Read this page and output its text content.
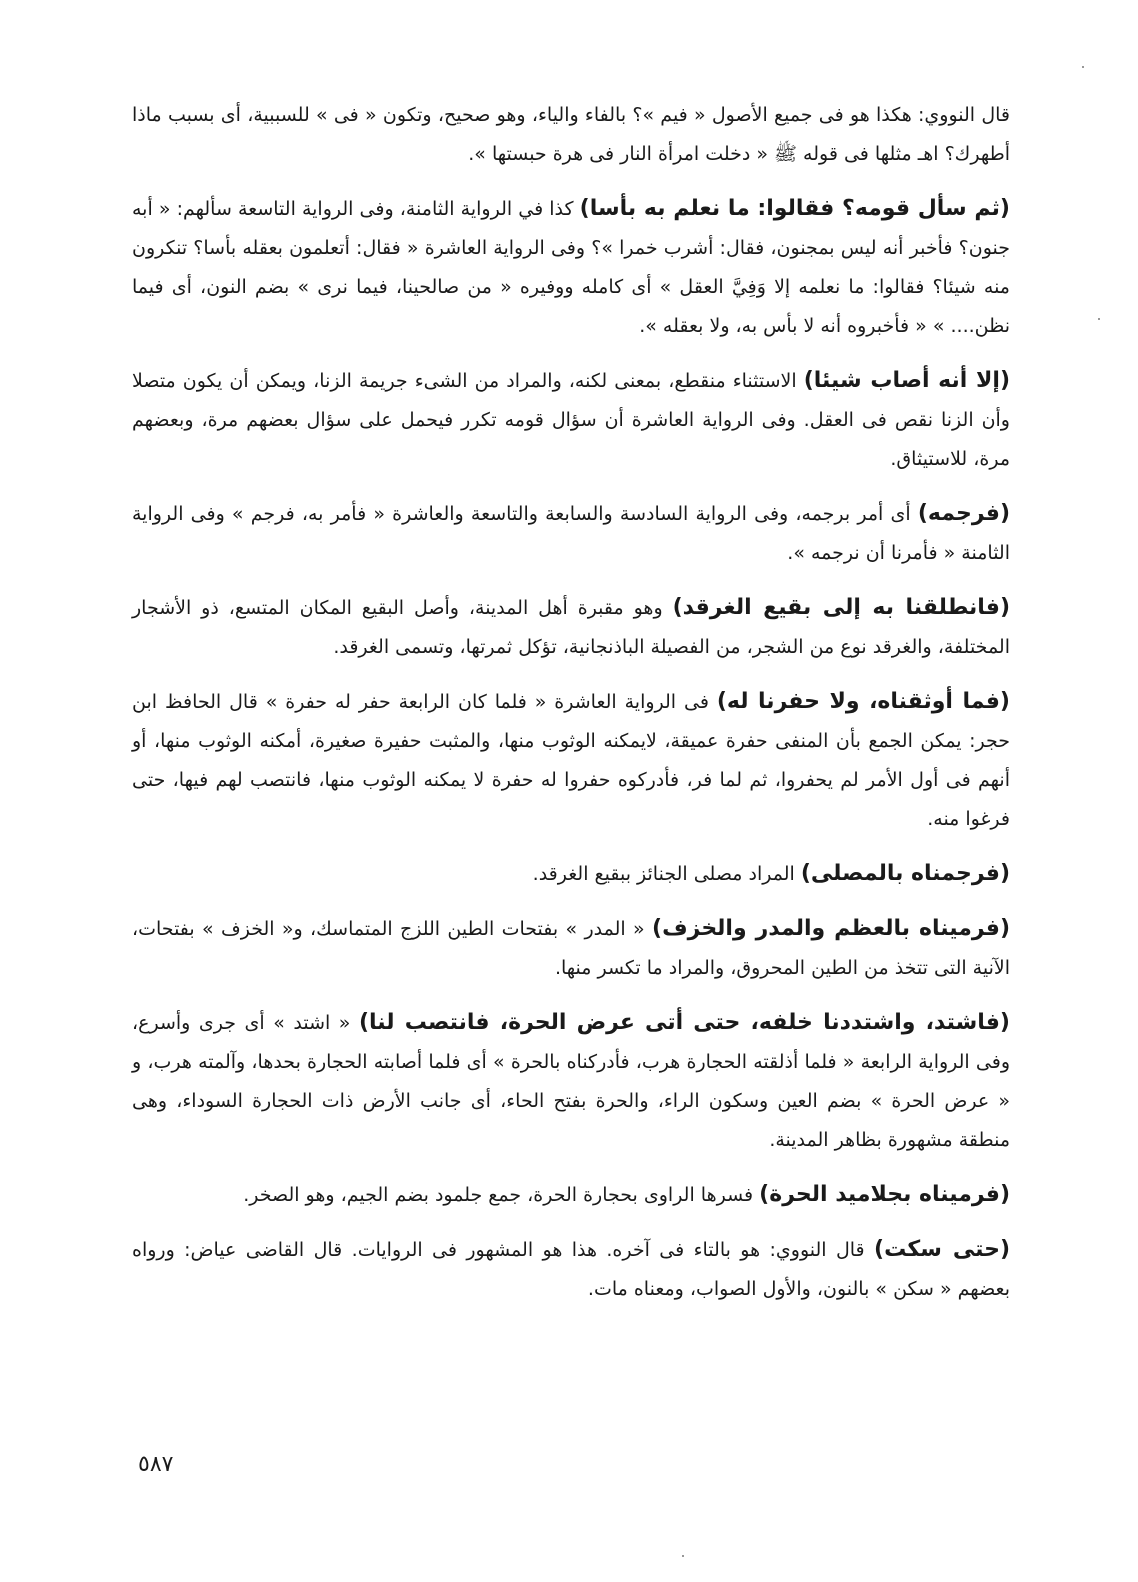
قال النووي: هكذا هو فى جميع الأصول « فيم »؟ بالفاء والياء، وهو صحيح، وتكون « فى » للسببية، أى بسبب ماذا أطهرك؟ اهـ مثلها فى قوله ﷺ « دخلت امرأة النار فى هرة حبستها ».

( ثم سأل قومه؟ فقالوا: ما نعلم به بأسا ) كذا في الرواية الثامنة، وفى الرواية التاسعة سألهم: « أبه جنون؟ فأخبر أنه ليس بمجنون، فقال: أشرب خمرا »؟ وفى الرواية العاشرة « فقال: أتعلمون بعقله بأسا؟ تنكرون منه شيئا؟ فقالوا: ما نعلمه إلا وَفِيَّ العقل » أى كامله ووفيره « من صالحينا، فيما نرى » بضم النون، أى فيما نظن.... » « فأخبروه أنه لا بأس به، ولا بعقله ».

( إلا أنه أصاب شيئا ) الاستثناء منقطع، بمعنى لكنه، والمراد من الشىء جريمة الزنا، ويمكن أن يكون متصلا وأن الزنا نقص فى العقل. وفى الرواية العاشرة أن سؤال قومه تكرر فيحمل على سؤال بعضهم مرة، وبعضهم مرة، للاستيثاق.

( فرجمه ) أى أمر برجمه، وفى الرواية السادسة والسابعة والتاسعة والعاشرة « فأمر به، فرجم » وفى الرواية الثامنة « فأمرنا أن نرجمه ».

( فانطلقنا به إلى بقيع الغرقد ) وهو مقبرة أهل المدينة، وأصل البقيع المكان المتسع، ذو الأشجار المختلفة، والغرقد نوع من الشجر، من الفصيلة الباذنجانية، تؤكل ثمرتها، وتسمى الغرقد.

( فما أوثقناه، ولا حفرنا له ) فى الرواية العاشرة « فلما كان الرابعة حفر له حفرة » قال الحافظ ابن حجر: يمكن الجمع بأن المنفى حفرة عميقة، لايمكنه الوثوب منها، والمثبت حفيرة صغيرة، أمكنه الوثوب منها، أو أنهم فى أول الأمر لم يحفروا، ثم لما فر، فأدركوه حفروا له حفرة لا يمكنه الوثوب منها، فانتصب لهم فيها، حتى فرغوا منه.

( فرجمناه بالمصلى ) المراد مصلى الجنائز ببقيع الغرقد.

( فرميناه بالعظم والمدر والخزف ) « المدر » بفتحات الطين اللزج المتماسك، و« الخزف » بفتحات، الآنية التى تتخذ من الطين المحروق، والمراد ما تكسر منها.

( فاشتد، واشتددنا خلفه، حتى أتى عرض الحرة، فانتصب لنا ) « اشتد » أى جرى وأسرع، وفى الرواية الرابعة « فلما أذلقته الحجارة هرب، فأدركناه بالحرة » أى فلما أصابته الحجارة بحدها، وآلمته هرب، و « عرض الحرة » بضم العين وسكون الراء، والحرة بفتح الحاء، أى جانب الأرض ذات الحجارة السوداء، وهى منطقة مشهورة بظاهر المدينة.

( فرميناه بجلاميد الحرة ) فسرها الراوى بحجارة الحرة، جمع جلمود بضم الجيم، وهو الصخر.

( حتى سكت ) قال النووي: هو بالتاء فى آخره. هذا هو المشهور فى الروايات. قال القاضى عياض: ورواه بعضهم « سكن » بالنون، والأول الصواب، ومعناه مات.

٥٨٧
